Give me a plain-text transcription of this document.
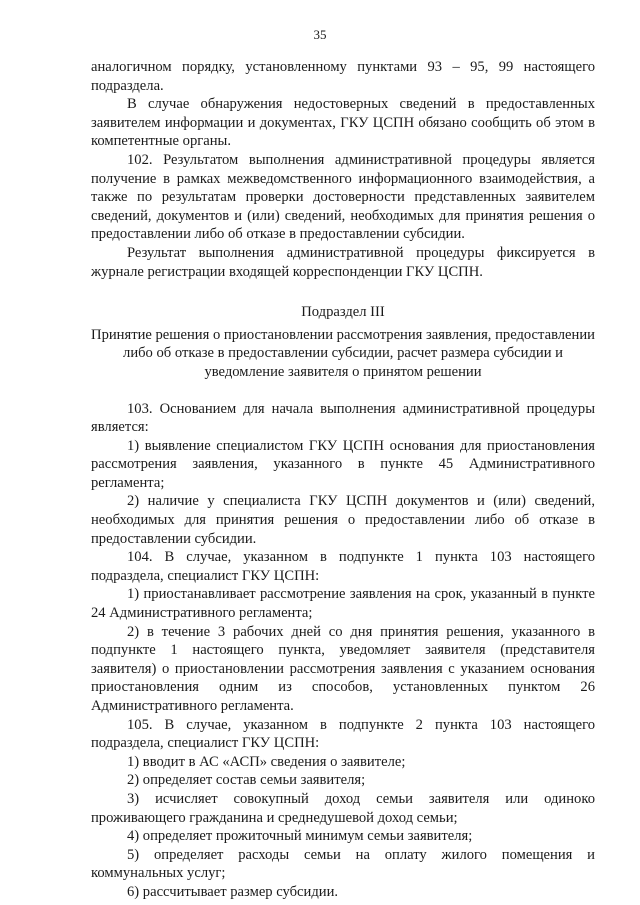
35

аналогичном порядку, установленному пунктами 93 – 95, 99 настоящего подраздела.

В случае обнаружения недостоверных сведений в предоставленных заявителем информации и документах, ГКУ ЦСПН обязано сообщить об этом в компетентные органы.

102. Результатом выполнения административной процедуры является получение в рамках межведомственного информационного взаимодействия, а также по результатам проверки достоверности представленных заявителем сведений, документов и (или) сведений, необходимых для принятия решения о предоставлении либо об отказе в предоставлении субсидии.

Результат выполнения административной процедуры фиксируется в журнале регистрации входящей корреспонденции ГКУ ЦСПН.

Подраздел III

Принятие решения о приостановлении рассмотрения заявления, предоставлении либо об отказе в предоставлении субсидии, расчет размера субсидии и уведомление заявителя о принятом решении

103. Основанием для начала выполнения административной процедуры является:

1) выявление специалистом ГКУ ЦСПН основания для приостановления рассмотрения заявления, указанного в пункте 45 Административного регламента;

2) наличие у специалиста ГКУ ЦСПН документов и (или) сведений, необходимых для принятия решения о предоставлении либо об отказе в предоставлении субсидии.

104. В случае, указанном в подпункте 1 пункта 103 настоящего подраздела, специалист ГКУ ЦСПН:

1) приостанавливает рассмотрение заявления на срок, указанный в пункте 24 Административного регламента;

2) в течение 3 рабочих дней со дня принятия решения, указанного в подпункте 1 настоящего пункта, уведомляет заявителя (представителя заявителя) о приостановлении рассмотрения заявления с указанием основания приостановления одним из способов, установленных пунктом 26 Административного регламента.

105. В случае, указанном в подпункте 2 пункта 103 настоящего подраздела, специалист ГКУ ЦСПН:

1) вводит в АС «АСП» сведения о заявителе;

2) определяет состав семьи заявителя;

3) исчисляет совокупный доход семьи заявителя или одиноко проживающего гражданина и среднедушевой доход семьи;

4) определяет прожиточный минимум семьи заявителя;

5) определяет расходы семьи на оплату жилого помещения и коммунальных услуг;

6) рассчитывает размер субсидии.
